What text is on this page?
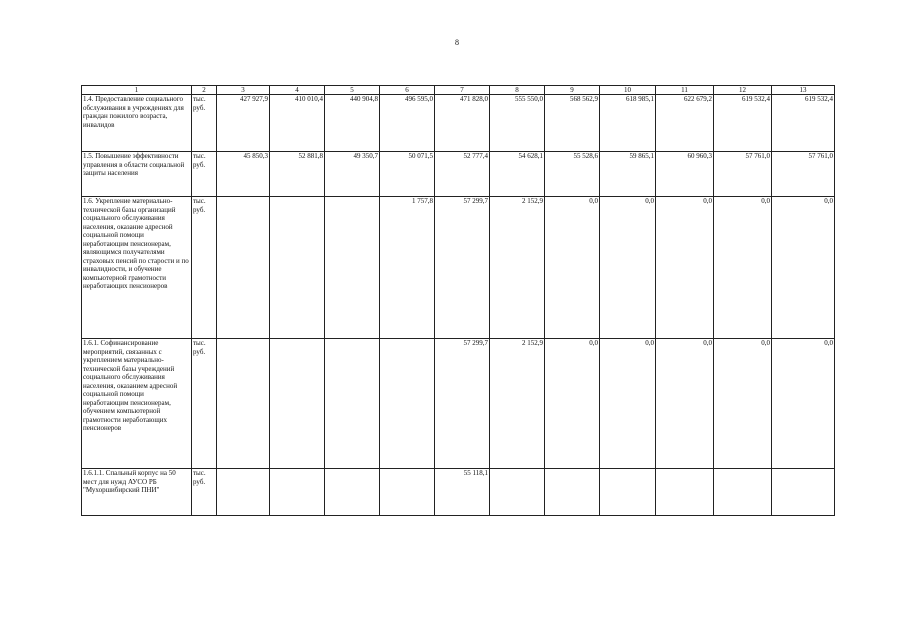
8
1	2	3	4	5	6	7	8	9	10	11	12	13
1.4. Предоставление социального обслуживания в учреждениях для граждан пожилого возраста, инвалидов	тыс. руб.	427 927,9	410 010,4	440 904,8	496 595,0	471 828,0	555 550,0	568 562,9	618 985,1	622 679,2	619 532,4	619 532,4
1.5. Повышение эффективности управления в области социальной защиты населения	тыс. руб.	45 850,3	52 881,8	49 350,7	50 071,5	52 777,4	54 628,1	55 528,6	59 865,1	60 960,3	57 761,0	57 761,0
1.6. Укрепление материально-технической базы организаций социального обслуживания населения, оказание адресной социальной помощи неработающим пенсионерам, являющимся получателями страховых пенсий по старости и по инвалидности, и обучение компьютерной грамотности неработающих пенсионеров	тыс. руб.				1 757,8	57 299,7	2 152,9	0,0	0,0	0,0	0,0	0,0
1.6.1. Софинансирование мероприятий, связанных с укреплением материально-технической базы учреждений социального обслуживания населения, оказанием адресной социальной помощи неработающим пенсионерам, обучением компьютерной грамотности неработающих пенсионеров	тыс. руб.					57 299,7	2 152,9	0,0	0,0	0,0	0,0	0,0
1.6.1.1. Спальный корпус на 50 мест для нужд АУСО РБ "Мухоршибирский ПНИ"	тыс. руб.					55 118,1						
